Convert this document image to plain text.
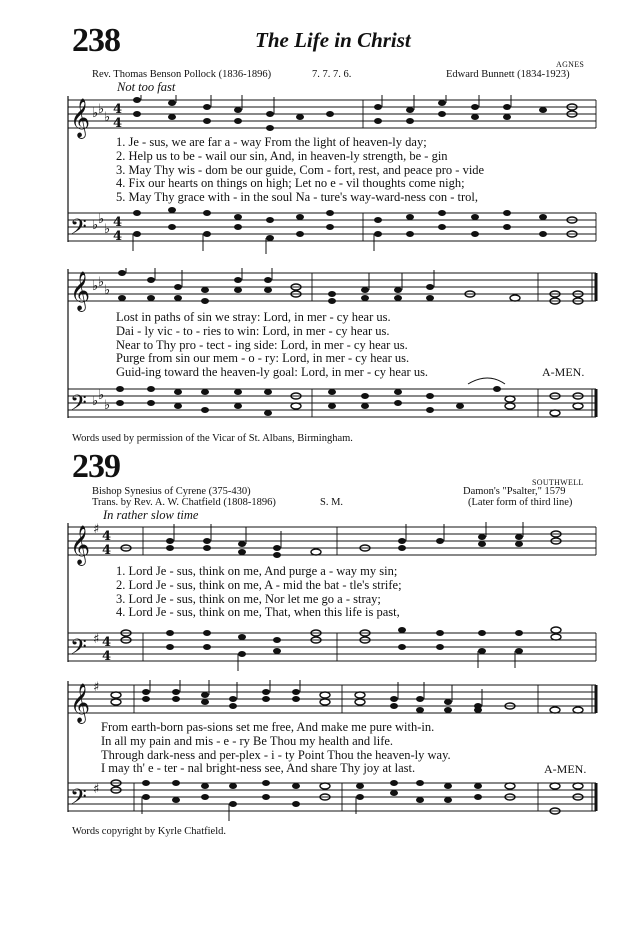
238	The Life in Christ
AGNES
Rev. Thomas Benson Pollock (1836-1896)	7. 7. 7. 6.	Edward Bunnett (1834-1923)
Not too fast
𝄞
𝄢
♭ ♭
♭
♭ ♭
♭
4
4
4
4
1. Je - sus, we are far a - way From the light of heaven-ly day;
2. Help us to be - wail our sin, And, in heaven-ly strength, be - gin
3. May Thy wis - dom be our guide, Com - fort, rest, and peace pro - vide
4. Fix our hearts on things on high; Let no e - vil thoughts come nigh;
5. May Thy grace with - in the soul Na - ture's way-ward-ness con - trol,
𝄞
𝄢
♭ ♭
♭
♭ ♭
♭
Lost in paths of sin we stray: Lord, in mer - cy hear us.
Dai - ly vic - to - ries to win: Lord, in mer - cy hear us.
Near to Thy pro - tect - ing side: Lord, in mer - cy hear us.
Purge from sin our mem - o - ry: Lord, in mer - cy hear us.
Guid-ing toward the heaven-ly goal: Lord, in mer - cy hear us.	A-MEN.
Words used by permission of the Vicar of St. Albans, Birmingham.
239	SOUTHWELL
Bishop Synesius of Cyrene (375-430)	Damon's "Psalter," 1579
Trans. by Rev. A. W. Chatfield (1808-1896)	S. M.	(Later form of third line)
In rather slow time
𝄞
𝄢
♯
♯
4
4
4
4
1. Lord Je - sus, think on me, And purge a - way my sin;
2. Lord Je - sus, think on me, A - mid the bat - tle's strife;
3. Lord Je - sus, think on me, Nor let me go a - stray;
4. Lord Je - sus, think on me, That, when this life is past,
𝄞
𝄢
♯
♯
From earth-born pas-sions set me free, And make me pure with-in.
In all my pain and mis - e - ry Be Thou my health and life.
Through dark-ness and per-plex - i - ty Point Thou the heaven-ly way.
I may th' e - ter - nal bright-ness see, And share Thy joy at last.	A-MEN.
Words copyright by Kyrle Chatfield.
